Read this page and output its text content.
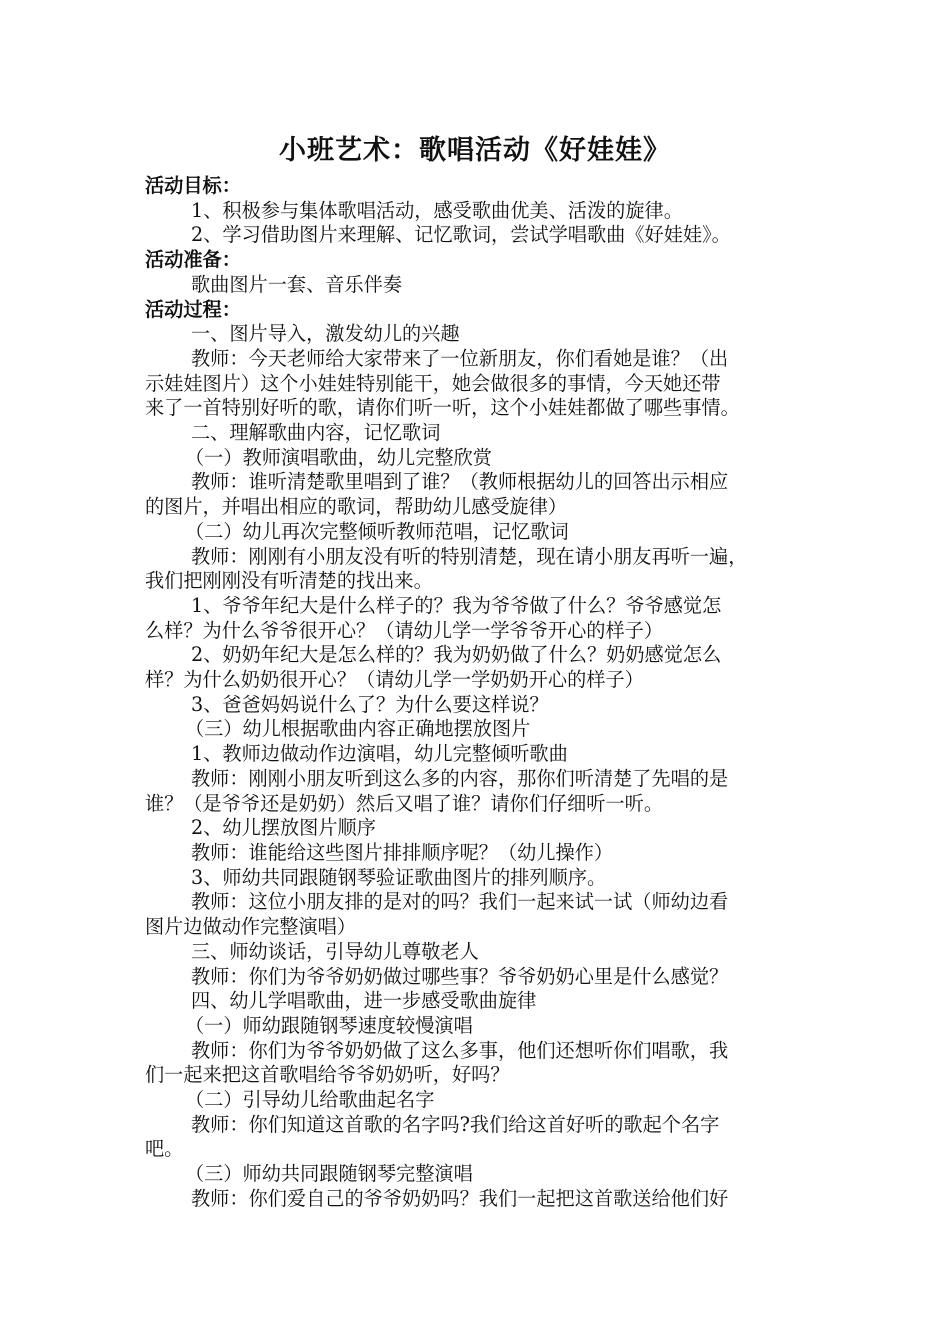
小班艺术：歌唱活动《好娃娃》

活动目标：

1、积极参与集体歌唱活动，感受歌曲优美、活泼的旋律。

2、学习借助图片来理解、记忆歌词，尝试学唱歌曲《好娃娃》。

活动准备：

歌曲图片一套、音乐伴奏

活动过程：

一、图片导入，激发幼儿的兴趣

教师：今天老师给大家带来了一位新朋友，你们看她是谁？（出

示娃娃图片）这个小娃娃特别能干，她会做很多的事情，今天她还带

来了一首特别好听的歌，请你们听一听，这个小娃娃都做了哪些事情。

二、理解歌曲内容，记忆歌词

（一）教师演唱歌曲，幼儿完整欣赏

教师：谁听清楚歌里唱到了谁？（教师根据幼儿的回答出示相应

的图片，并唱出相应的歌词，帮助幼儿感受旋律）

（二）幼儿再次完整倾听教师范唱，记忆歌词

教师：刚刚有小朋友没有听的特别清楚，现在请小朋友再听一遍，

我们把刚刚没有听清楚的找出来。

1、爷爷年纪大是什么样子的？我为爷爷做了什么？爷爷感觉怎

么样？为什么爷爷很开心？（请幼儿学一学爷爷开心的样子）

2、奶奶年纪大是怎么样的？我为奶奶做了什么？奶奶感觉怎么

样？为什么奶奶很开心？（请幼儿学一学奶奶开心的样子）

3、爸爸妈妈说什么了？为什么要这样说？

（三）幼儿根据歌曲内容正确地摆放图片

1、教师边做动作边演唱，幼儿完整倾听歌曲

教师：刚刚小朋友听到这么多的内容，那你们听清楚了先唱的是

谁？（是爷爷还是奶奶）然后又唱了谁？请你们仔细听一听。

2、幼儿摆放图片顺序

教师：谁能给这些图片排排顺序呢？（幼儿操作）

3、师幼共同跟随钢琴验证歌曲图片的排列顺序。

教师：这位小朋友排的是对的吗？我们一起来试一试（师幼边看

图片边做动作完整演唱）

三、师幼谈话，引导幼儿尊敬老人

教师：你们为爷爷奶奶做过哪些事？爷爷奶奶心里是什么感觉？

四、幼儿学唱歌曲，进一步感受歌曲旋律

（一）师幼跟随钢琴速度较慢演唱

教师：你们为爷爷奶奶做了这么多事，他们还想听你们唱歌，我

们一起来把这首歌唱给爷爷奶奶听，好吗？

（二）引导幼儿给歌曲起名字

教师：你们知道这首歌的名字吗?我们给这首好听的歌起个名字

吧。

（三）师幼共同跟随钢琴完整演唱

教师：你们爱自己的爷爷奶奶吗？我们一起把这首歌送给他们好
